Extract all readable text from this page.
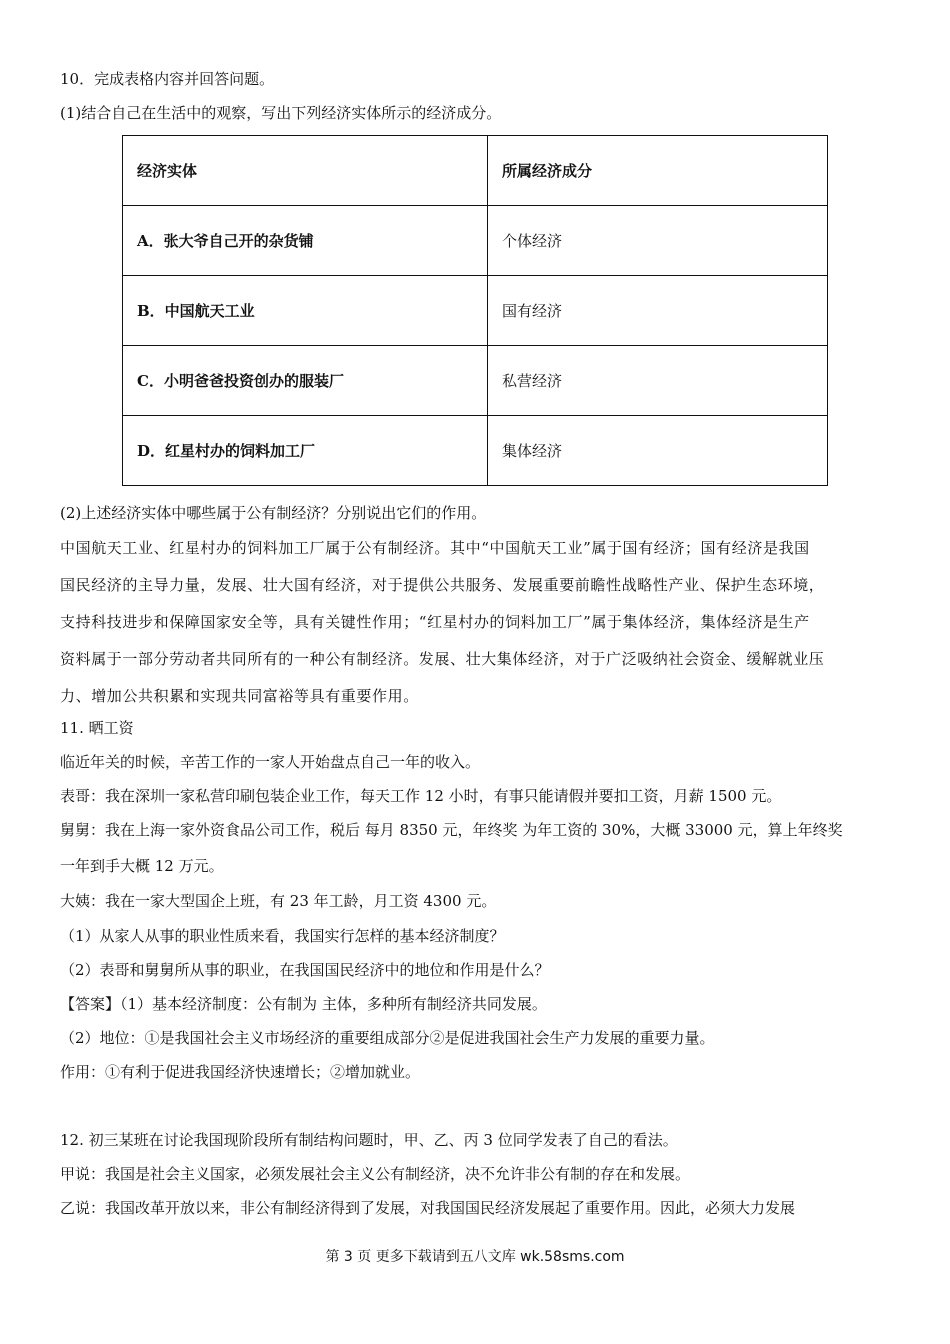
10．完成表格内容并回答问题。
(1)结合自己在生活中的观察，写出下列经济实体所示的经济成分。
经济实体	所属经济成分
A．张大爷自己开的杂货铺	个体经济
B．中国航天工业	国有经济
C．小明爸爸投资创办的服装厂	私营经济
D．红星村办的饲料加工厂	集体经济
(2)上述经济实体中哪些属于公有制经济？分别说出它们的作用。
中国航天工业、红星村办的饲料加工厂属于公有制经济。其中“中国航天工业”属于国有经济；国有经济是我国
国民经济的主导力量，发展、壮大国有经济，对于提供公共服务、发展重要前瞻性战略性产业、保护生态环境，
支持科技进步和保障国家安全等，具有关键性作用；“红星村办的饲料加工厂”属于集体经济，集体经济是生产
资料属于一部分劳动者共同所有的一种公有制经济。发展、壮大集体经济，对于广泛吸纳社会资金、缓解就业压
力、增加公共积累和实现共同富裕等具有重要作用。
11. 晒工资
临近年关的时候，辛苦工作的一家人开始盘点自己一年的收入。
表哥：我在深圳一家私营印刷包装企业工作，每天工作 12 小时，有事只能请假并要扣工资，月薪 1500 元。
舅舅：我在上海一家外资食品公司工作，税后 每月 8350 元，年终奖 为年工资的 30%，大概 33000 元，算上年终奖
一年到手大概 12 万元。
大姨：我在一家大型国企上班，有 23 年工龄，月工资 4300 元。
（1）从家人从事的职业性质来看，我国实行怎样的基本经济制度？
（2）表哥和舅舅所从事的职业，在我国国民经济中的地位和作用是什么？
【答案】（1）基本经济制度：公有制为 主体，多种所有制经济共同发展。
（2）地位：①是我国社会主义市场经济的重要组成部分②是促进我国社会生产力发展的重要力量。
作用：①有利于促进我国经济快速增长；②增加就业。
12. 初三某班在讨论我国现阶段所有制结构问题时，甲、乙、丙 3 位同学发表了自己的看法。
甲说：我国是社会主义国家，必须发展社会主义公有制经济，决不允许非公有制的存在和发展。
乙说：我国改革开放以来，非公有制经济得到了发展，对我国国民经济发展起了重要作用。因此，必须大力发展
第 3 页 更多下载请到五八文库 wk.58sms.com
